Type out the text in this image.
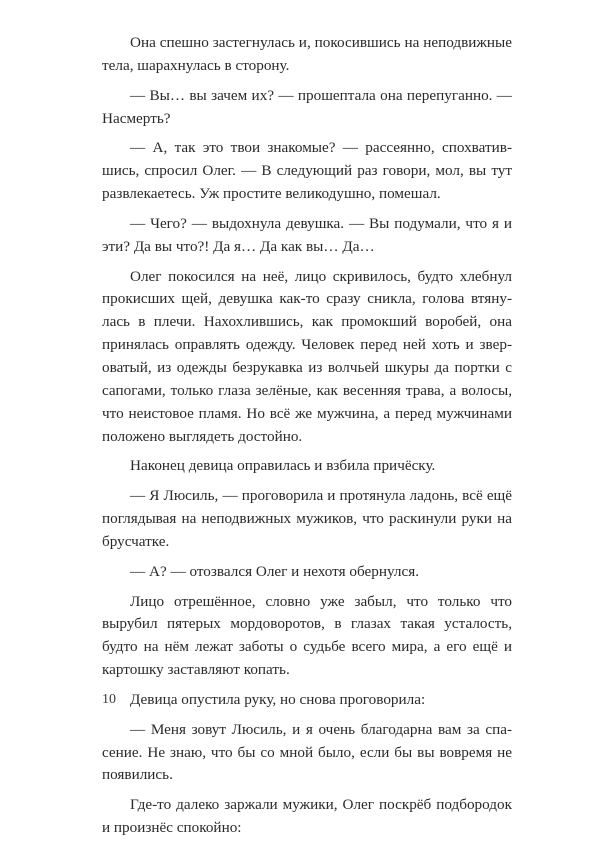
Она спешно застегнулась и, покосившись на неподвижные тела, шарахнулась в сторону.

— Вы… вы зачем их? — прошептала она перепуганно. — Насмерть?

— А, так это твои знакомые? — рассеянно, спохватившись, спросил Олег. — В следующий раз говори, мол, вы тут развлекаетесь. Уж простите великодушно, помешал.

— Чего? — выдохнула девушка. — Вы подумали, что я и эти? Да вы что?! Да я… Да как вы… Да…

Олег покосился на неё, лицо скривилось, будто хлебнул прокисших щей, девушка как-то сразу сникла, голова втянулась в плечи. Нахохлившись, как промокший воробей, она принялась оправлять одежду. Человек перед ней хоть и звероватый, из одежды безрукавка из волчьей шкуры да портки с сапогами, только глаза зелёные, как весенняя трава, а волосы, что неистовое пламя. Но всё же мужчина, а перед мужчинами положено выглядеть достойно.

Наконец девица оправилась и взбила причёску.

— Я Люсиль, — проговорила и протянула ладонь, всё ещё поглядывая на неподвижных мужиков, что раскинули руки на брусчатке.

— А? — отозвался Олег и нехотя обернулся.

Лицо отрешённое, словно уже забыл, что только что вырубил пятерых мордоворотов, в глазах такая усталость, будто на нём лежат заботы о судьбе всего мира, а его ещё и картошку заставляют копать.

Девица опустила руку, но снова проговорила:

— Меня зовут Люсиль, и я очень благодарна вам за спасение. Не знаю, что бы со мной было, если бы вы вовремя не появились.

Где-то далеко заржали мужики, Олег поскрёб подбородок и произнёс спокойно:

10
